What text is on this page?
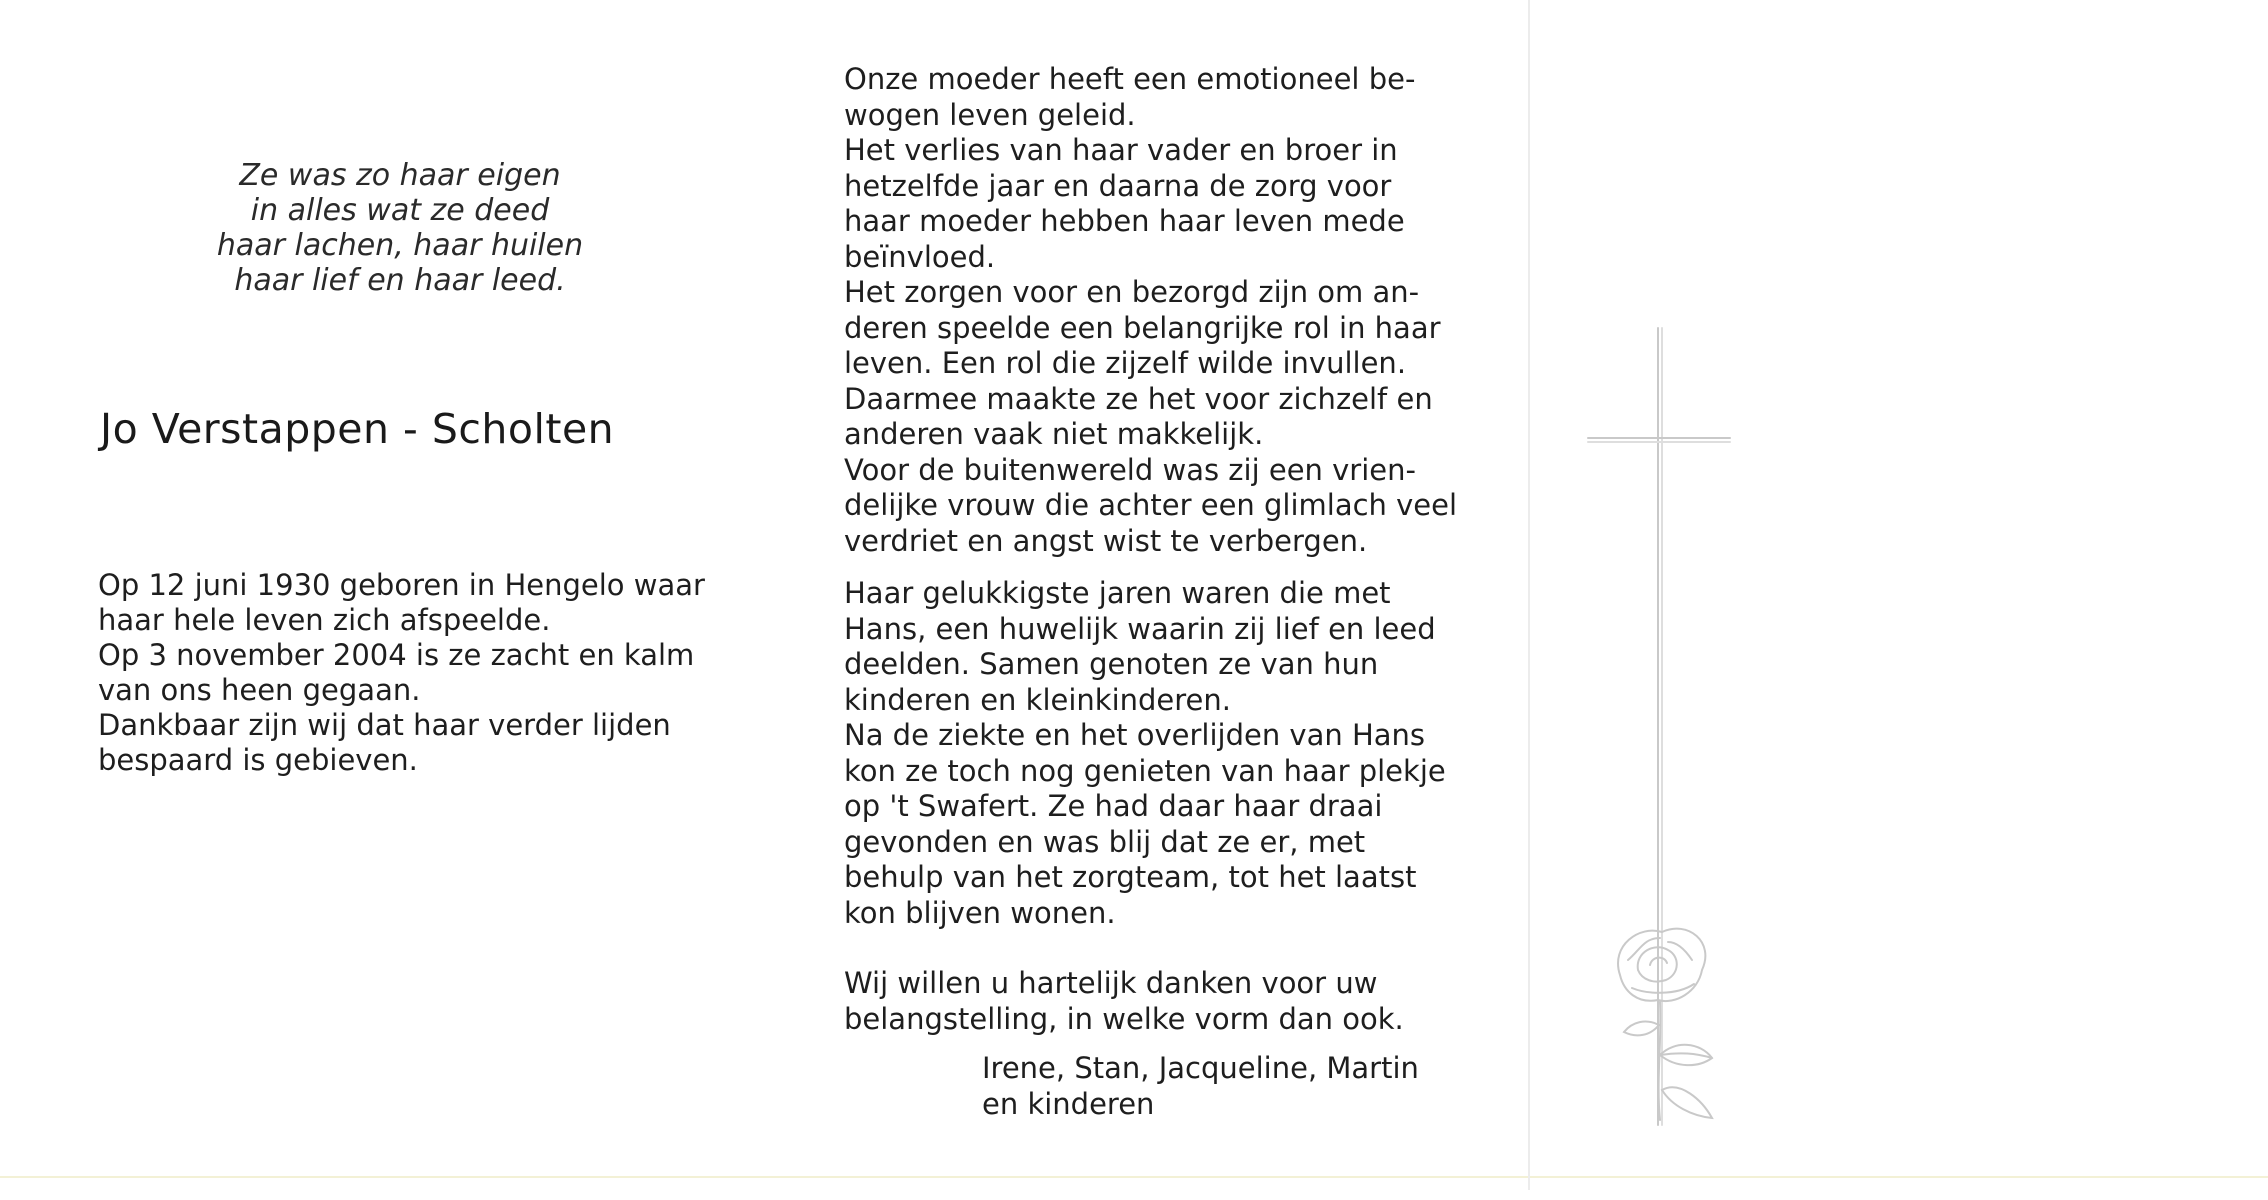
Ze was zo haar eigen
in alles wat ze deed
haar lachen, haar huilen
haar lief en haar leed.
Jo Verstappen - Scholten
Op 12 juni 1930 geboren in Hengelo waar
haar hele leven zich afspeelde.
Op 3 november 2004 is ze zacht en kalm
van ons heen gegaan.
Dankbaar zijn wij dat haar verder lijden
bespaard is gebieven.
Onze moeder heeft een emotioneel be-
wogen leven geleid.
Het verlies van haar vader en broer in
hetzelfde jaar en daarna de zorg voor
haar moeder hebben haar leven mede
beïnvloed.
Het zorgen voor en bezorgd zijn om an-
deren speelde een belangrijke rol in haar
leven. Een rol die zijzelf wilde invullen.
Daarmee maakte ze het voor zichzelf en
anderen vaak niet makkelijk.
Voor de buitenwereld was zij een vrien-
delijke vrouw die achter een glimlach veel
verdriet en angst wist te verbergen.
Haar gelukkigste jaren waren die met
Hans, een huwelijk waarin zij lief en leed
deelden. Samen genoten ze van hun
kinderen en kleinkinderen.
Na de ziekte en het overlijden van Hans
kon ze toch nog genieten van haar plekje
op 't Swafert. Ze had daar haar draai
gevonden en was blij dat ze er, met
behulp van het zorgteam, tot het laatst
kon blijven wonen.
Wij willen u hartelijk danken voor uw
belangstelling, in welke vorm dan ook.
Irene, Stan, Jacqueline, Martin
en kinderen
